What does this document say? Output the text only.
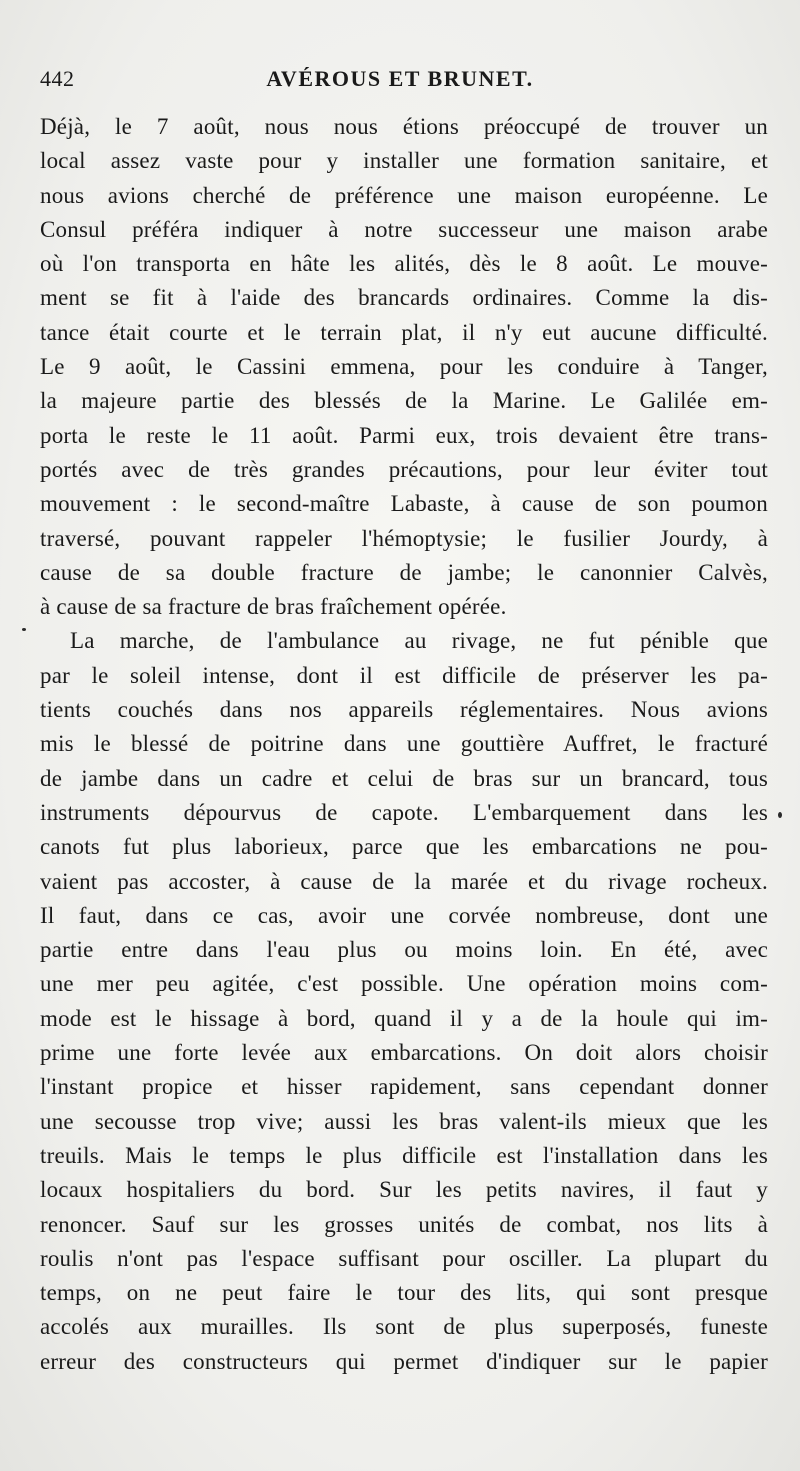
442	AVÉROUS ET BRUNET.
Déjà, le 7 août, nous nous étions préoccupé de trouver un
local assez vaste pour y installer une formation sanitaire, et
nous avions cherché de préférence une maison européenne. Le
Consul préféra indiquer à notre successeur une maison arabe
où l'on transporta en hâte les alités, dès le 8 août. Le mouve-
ment se fit à l'aide des brancards ordinaires. Comme la dis-
tance était courte et le terrain plat, il n'y eut aucune difficulté.
Le 9 août, le Cassini emmena, pour les conduire à Tanger,
la majeure partie des blessés de la Marine. Le Galilée em-
porta le reste le 11 août. Parmi eux, trois devaient être trans-
portés avec de très grandes précautions, pour leur éviter tout
mouvement : le second-maître Labaste, à cause de son poumon
traversé, pouvant rappeler l'hémoptysie; le fusilier Jourdy, à
cause de sa double fracture de jambe; le canonnier Calvès,
à cause de sa fracture de bras fraîchement opérée.
La marche, de l'ambulance au rivage, ne fut pénible que
par le soleil intense, dont il est difficile de préserver les pa-
tients couchés dans nos appareils réglementaires. Nous avions
mis le blessé de poitrine dans une gouttière Auffret, le fracturé
de jambe dans un cadre et celui de bras sur un brancard, tous
instruments dépourvus de capote. L'embarquement dans les
canots fut plus laborieux, parce que les embarcations ne pou-
vaient pas accoster, à cause de la marée et du rivage rocheux.
Il faut, dans ce cas, avoir une corvée nombreuse, dont une
partie entre dans l'eau plus ou moins loin. En été, avec
une mer peu agitée, c'est possible. Une opération moins com-
mode est le hissage à bord, quand il y a de la houle qui im-
prime une forte levée aux embarcations. On doit alors choisir
l'instant propice et hisser rapidement, sans cependant donner
une secousse trop vive; aussi les bras valent-ils mieux que les
treuils. Mais le temps le plus difficile est l'installation dans les
locaux hospitaliers du bord. Sur les petits navires, il faut y
renoncer. Sauf sur les grosses unités de combat, nos lits à
roulis n'ont pas l'espace suffisant pour osciller. La plupart du
temps, on ne peut faire le tour des lits, qui sont presque
accolés aux murailles. Ils sont de plus superposés, funeste
erreur des constructeurs qui permet d'indiquer sur le papier
